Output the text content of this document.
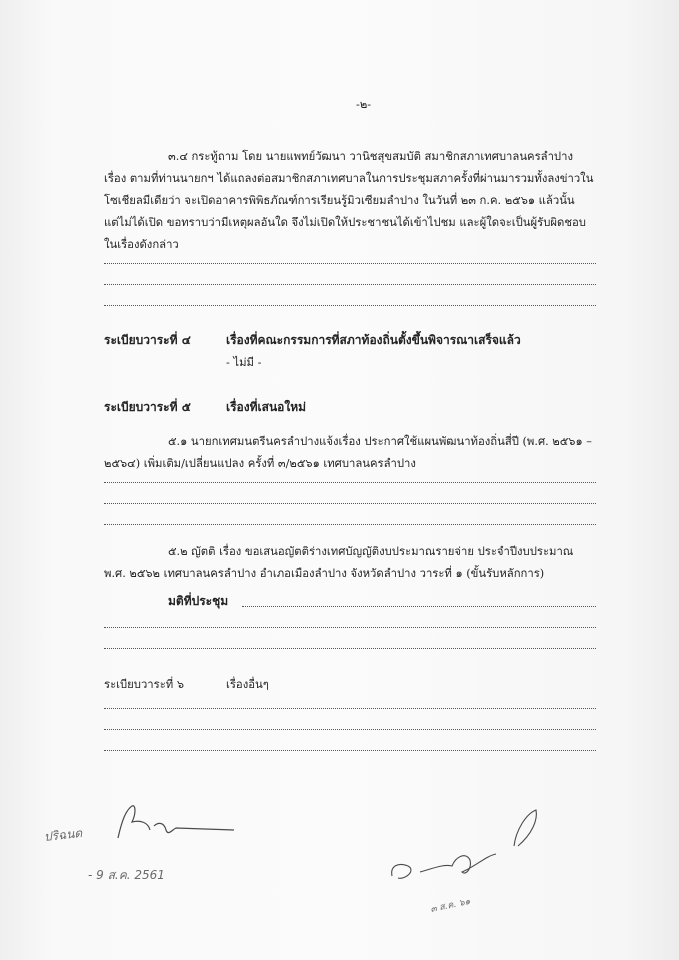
-๒-
๓.๔ กระทู้ถาม โดย นายแพทย์วัฒนา วานิชสุขสมบัติ สมาชิกสภาเทศบาลนครลำปาง
เรื่อง ตามที่ท่านนายกฯ ได้แถลงต่อสมาชิกสภาเทศบาลในการประชุมสภาครั้งที่ผ่านมารวมทั้งลงข่าวใน
โซเชียลมีเดียว่า จะเปิดอาคารพิพิธภัณฑ์การเรียนรู้มิวเซียมลำปาง ในวันที่ ๒๓ ก.ค. ๒๕๖๑ แล้วนั้น
แต่ไม่ได้เปิด ขอทราบว่ามีเหตุผลอันใด จึงไม่เปิดให้ประชาชนได้เข้าไปชม และผู้ใดจะเป็นผู้รับผิดชอบ
ในเรื่องดังกล่าว
ระเบียบวาระที่ ๔	เรื่องที่คณะกรรมการที่สภาท้องถิ่นตั้งขึ้นพิจารณาเสร็จแล้ว
- ไม่มี -
ระเบียบวาระที่ ๕	เรื่องที่เสนอใหม่
๕.๑ นายกเทศมนตรีนครลำปางแจ้งเรื่อง ประกาศใช้แผนพัฒนาท้องถิ่นสี่ปี (พ.ศ. ๒๕๖๑ –
๒๕๖๔) เพิ่มเติม/เปลี่ยนแปลง ครั้งที่ ๓/๒๕๖๑ เทศบาลนครลำปาง
๕.๒ ญัตติ เรื่อง ขอเสนอญัตติร่างเทศบัญญัติงบประมาณรายจ่าย ประจำปีงบประมาณ
พ.ศ. ๒๕๖๒ เทศบาลนครลำปาง อำเภอเมืองลำปาง จังหวัดลำปาง วาระที่ ๑ (ขั้นรับหลักการ)
มติที่ประชุม
ระเบียบวาระที่ ๖	เรื่องอื่นๆ
ปริฉนด
- 9 ส.ค. 2561
๓ ส.ค. ๖๑
